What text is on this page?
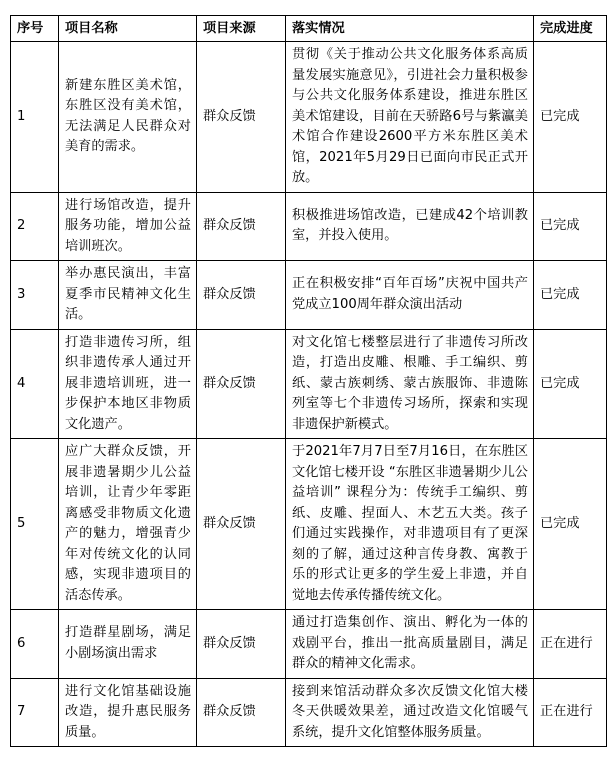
序号	项目名称	项目来源	落实情况	完成进度
1	新建东胜区美术馆，东胜区没有美术馆，无法满足人民群众对美育的需求。	群众反馈	贯彻《关于推动公共文化服务体系高质量发展实施意见》，引进社会力量积极参与公共文化服务体系建设，推进东胜区美术馆建设，目前在天骄路6号与紫瀛美术馆合作建设2600平方米东胜区美术馆，2021年5月29日已面向市民正式开放。	已完成
2	进行场馆改造，提升服务功能，增加公益培训班次。	群众反馈	积极推进场馆改造，已建成42个培训教室，并投入使用。	已完成
3	举办惠民演出，丰富夏季市民精神文化生活。	群众反馈	正在积极安排“百年百场”庆祝中国共产党成立100周年群众演出活动	已完成
4	打造非遗传习所，组织非遗传承人通过开展非遗培训班，进一步保护本地区非物质文化遗产。	群众反馈	对文化馆七楼整层进行了非遗传习所改造，打造出皮雕、根雕、手工编织、剪纸、蒙古族刺绣、蒙古族服饰、非遗陈列室等七个非遗传习场所，探索和实现非遗保护新模式。	已完成
5	应广大群众反馈，开展非遗暑期少儿公益培训，让青少年零距离感受非物质文化遗产的魅力，增强青少年对传统文化的认同感，实现非遗项目的活态传承。	群众反馈	于2021年7月7日至7月16日，在东胜区文化馆七楼开设 “东胜区非遗暑期少儿公益培训” 课程分为：传统手工编织、剪纸、皮雕、捏面人、木艺五大类。孩子们通过实践操作，对非遗项目有了更深刻的了解，通过这种言传身教、寓教于乐的形式让更多的学生爱上非遗，并自觉地去传承传播传统文化。	已完成
6	打造群星剧场，满足小剧场演出需求	群众反馈	通过打造集创作、演出、孵化为一体的戏剧平台，推出一批高质量剧目，满足群众的精神文化需求。	正在进行
7	进行文化馆基础设施改造，提升惠民服务质量。	群众反馈	接到来馆活动群众多次反馈文化馆大楼冬天供暖效果差，通过改造文化馆暖气系统，提升文化馆整体服务质量。	正在进行
